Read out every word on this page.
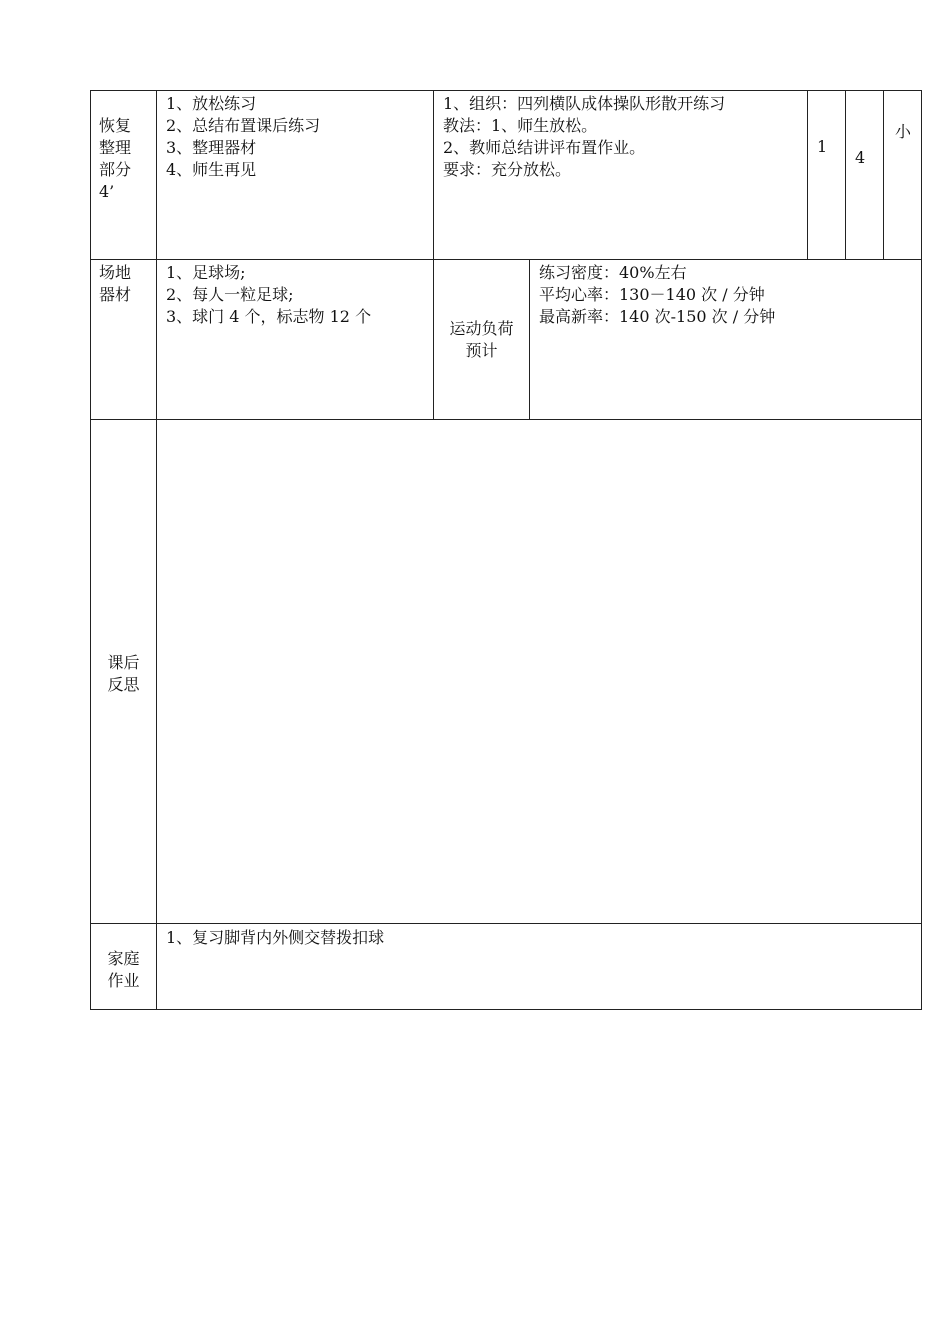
恢复
整理
部分
4’
1、放松练习
2、总结布置课后练习
3、整理器材
4、师生再见
1、组织：四列横队成体操队形散开练习
教法：1、师生放松。
2、教师总结讲评布置作业。
要求：充分放松。
1
4
小
场地
器材
1、足球场;
2、每人一粒足球;
3、球门 4 个，标志物 12 个
运动负荷
预计
练习密度：40%左右
平均心率：130－140 次 / 分钟
最高新率：140 次-150 次 / 分钟
课后
反思
家庭
作业
1、复习脚背内外侧交替拨扣球
